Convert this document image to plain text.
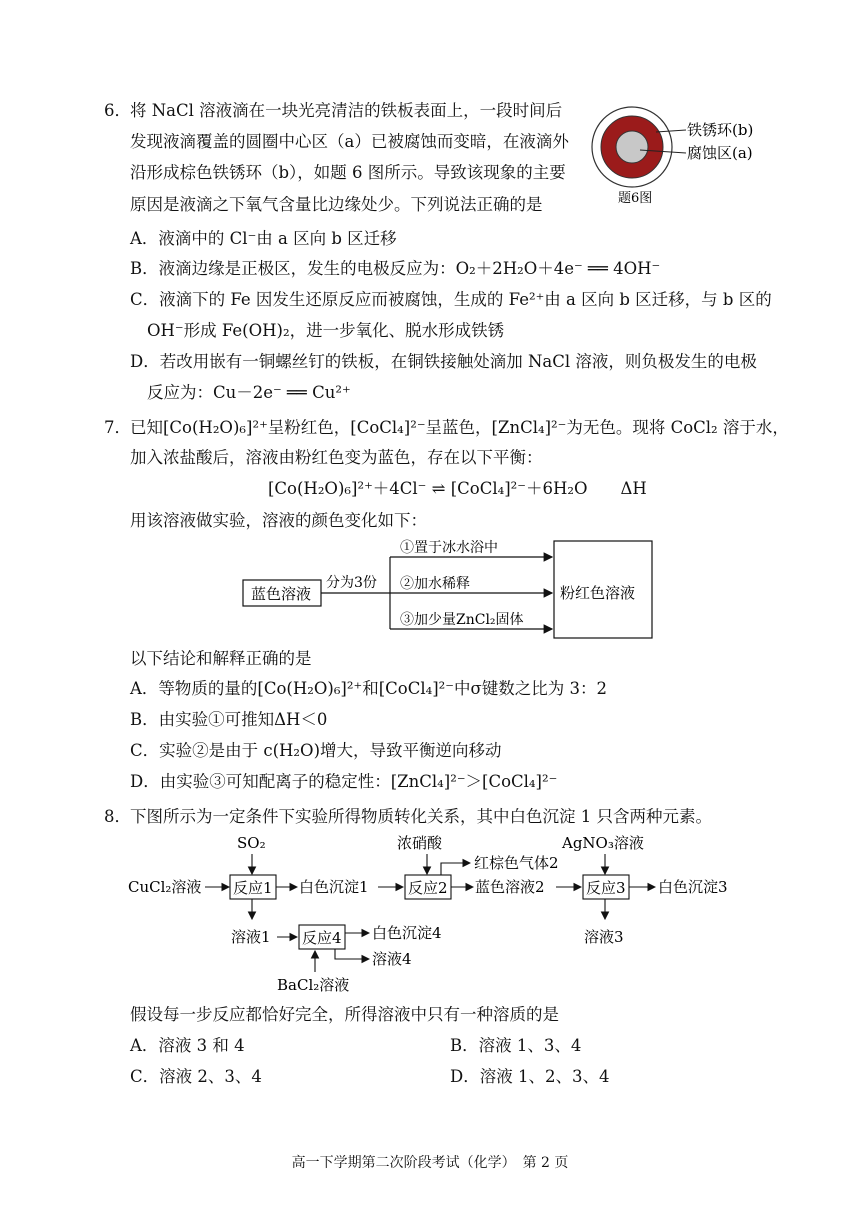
6． 将 NaCl 溶液滴在一块光亮清洁的铁板表面上，一段时间后
发现液滴覆盖的圆圈中心区（a）已被腐蚀而变暗，在液滴外
沿形成棕色铁锈环（b），如题 6 图所示。导致该现象的主要
原因是液滴之下氧气含量比边缘处少。下列说法正确的是
铁锈环(b)
腐蚀区(a)
题6图
A．液滴中的 Cl⁻由 a 区向 b 区迁移
B．液滴边缘是正极区，发生的电极反应为：O₂＋2H₂O＋4e⁻ ══ 4OH⁻
C．液滴下的 Fe 因发生还原反应而被腐蚀，生成的 Fe²⁺由 a 区向 b 区迁移，与 b 区的
OH⁻形成 Fe(OH)₂，进一步氧化、脱水形成铁锈
D．若改用嵌有一铜螺丝钉的铁板，在铜铁接触处滴加 NaCl 溶液，则负极发生的电极
反应为：Cu－2e⁻ ══ Cu²⁺
7． 已知[Co(H₂O)₆]²⁺呈粉红色，[CoCl₄]²⁻呈蓝色，[ZnCl₄]²⁻为无色。现将 CoCl₂ 溶于水，
加入浓盐酸后，溶液由粉红色变为蓝色，存在以下平衡：
[Co(H₂O)₆]²⁺＋4Cl⁻ ⇌ [CoCl₄]²⁻＋6H₂O　　ΔH
用该溶液做实验，溶液的颜色变化如下：
蓝色溶液
分为3份
①置于冰水浴中
②加水稀释
③加少量ZnCl₂固体
粉红色溶液
以下结论和解释正确的是
A．等物质的量的[Co(H₂O)₆]²⁺和[CoCl₄]²⁻中σ键数之比为 3：2
B．由实验①可推知ΔH＜0
C．实验②是由于 c(H₂O)增大，导致平衡逆向移动
D．由实验③可知配离子的稳定性：[ZnCl₄]²⁻＞[CoCl₄]²⁻
8． 下图所示为一定条件下实验所得物质转化关系，其中白色沉淀 1 只含两种元素。
SO₂
CuCl₂溶液 反应1 白色沉淀1
浓硝酸
反应2
红棕色气体2
蓝色溶液2
AgNO₃溶液
反应3 白色沉淀3
溶液3
溶液1 反应4 白色沉淀4
溶液4
BaCl₂溶液
假设每一步反应都恰好完全，所得溶液中只有一种溶质的是
A．溶液 3 和 4	B．溶液 1、3、4
C．溶液 2、3、4	D．溶液 1、2、3、4
高一下学期第二次阶段考试（化学）　第 2 页
